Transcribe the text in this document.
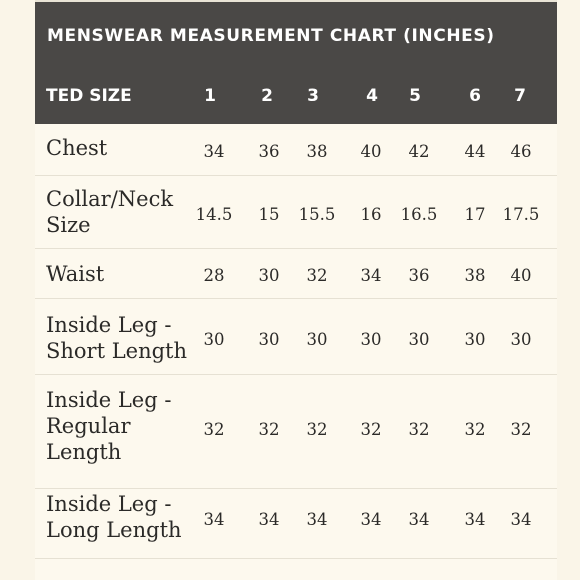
MENSWEAR MEASUREMENT CHART (INCHES)
TED SIZE	1	2	3	4	5	6	7
Chest	34	36	38	40	42	44	46
Collar/Neck
Size	14.5	15	15.5	16	16.5	17	17.5
Waist	28	30	32	34	36	38	40
Inside Leg -
Short Length 30	30	30	30	30	30	30
Inside Leg -
Regular
Length
32	32	32	32	32	32	32
Inside Leg -
Long Length	34	34	34	34	34	34	34
